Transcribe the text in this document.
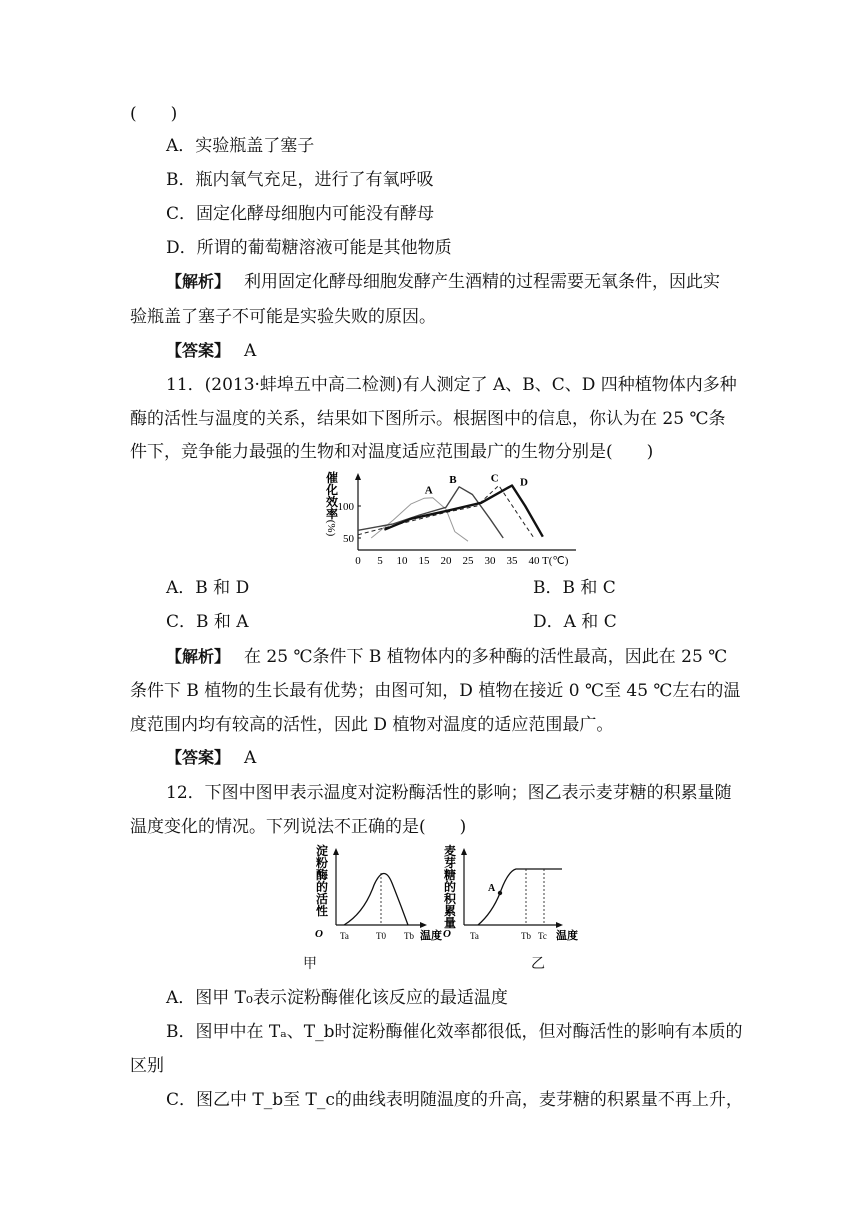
(　　)
A．实验瓶盖了塞子
B．瓶内氧气充足，进行了有氧呼吸
C．固定化酵母细胞内可能没有酵母
D．所谓的葡萄糖溶液可能是其他物质
【解析】 利用固定化酵母细胞发酵产生酒精的过程需要无氧条件，因此实
验瓶盖了塞子不可能是实验失败的原因。
【答案】 A
11．(2013·蚌埠五中高二检测)有人测定了 A、B、C、D 四种植物体内多种
酶的活性与温度的关系，结果如下图所示。根据图中的信息，你认为在 25 ℃条
件下，竞争能力最强的生物和对温度适应范围最广的生物分别是(　　)
催
化
效
率
(%)
50
100
0 5 10 15 20 25 30 35 40 T(℃)
A
B	C D
A．B 和 D	B．B 和 C
C．B 和 A	D．A 和 C
【解析】 在 25 ℃条件下 B 植物体内的多种酶的活性最高，因此在 25 ℃
条件下 B 植物的生长最有优势；由图可知，D 植物在接近 0 ℃至 45 ℃左右的温
度范围内均有较高的活性，因此 D 植物对温度的适应范围最广。
【答案】 A
12．下图中图甲表示温度对淀粉酶活性的影响；图乙表示麦芽糖的积累量随
温度变化的情况。下列说法不正确的是(　　)
淀
粉
酶
的
活
性
O Ta	T0 Tb 温度
甲
麦
芽
糖
的
积
累
量
A
O Ta	Tb Tc 温度
乙
A．图甲 T₀表示淀粉酶催化该反应的最适温度
B．图甲中在 Tₐ、T_b时淀粉酶催化效率都很低，但对酶活性的影响有本质的
区别
C．图乙中 T_b至 T_c的曲线表明随温度的升高，麦芽糖的积累量不再上升，
